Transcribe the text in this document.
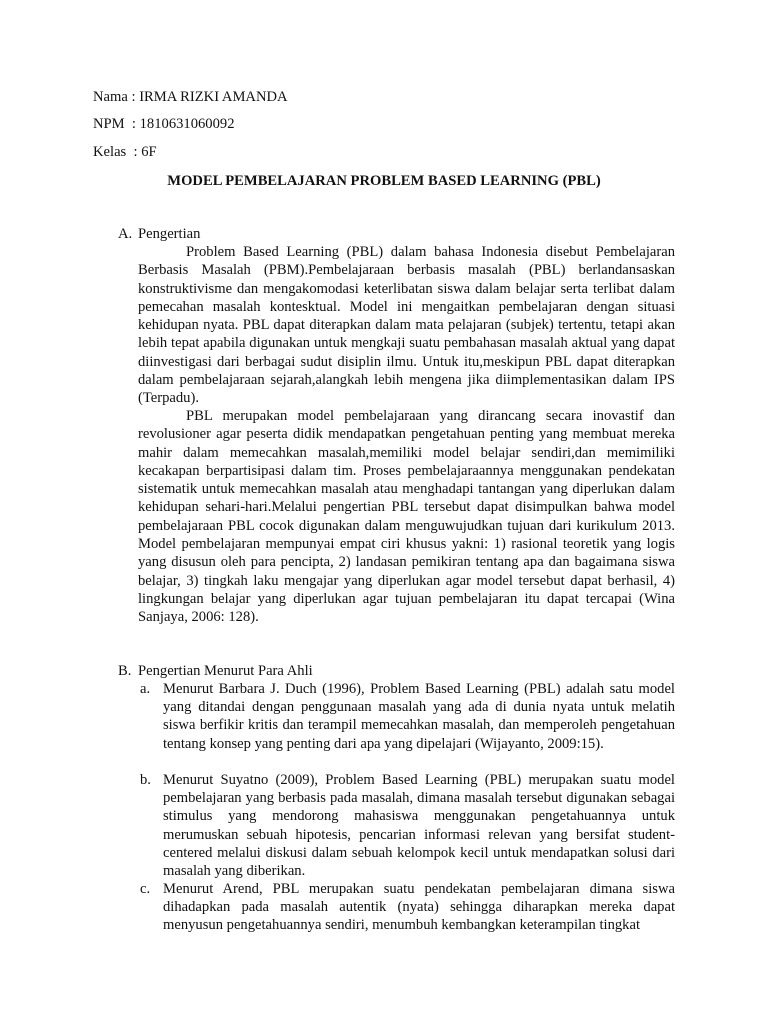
Nama : IRMA RIZKI AMANDA
NPM  : 1810631060092
Kelas  : 6F
MODEL PEMBELAJARAN PROBLEM BASED LEARNING (PBL)
A. Pengertian

Problem Based Learning (PBL) dalam bahasa Indonesia disebut Pembelajaran Berbasis Masalah (PBM).Pembelajaraan berbasis masalah (PBL) berlandansaskan konstruktivisme dan mengakomodasi keterlibatan siswa dalam belajar serta terlibat dalam pemecahan masalah kontesktual. Model ini mengaitkan pembelajaran dengan situasi kehidupan nyata. PBL dapat diterapkan dalam mata pelajaran (subjek) tertentu, tetapi akan lebih tepat apabila digunakan untuk mengkaji suatu pembahasan masalah aktual yang dapat diinvestigasi dari berbagai sudut disiplin ilmu. Untuk itu,meskipun PBL dapat diterapkan dalam pembelajaraan sejarah,alangkah lebih mengena jika diimplementasikan dalam IPS (Terpadu).

PBL merupakan model pembelajaraan yang dirancang secara inovastif dan revolusioner agar peserta didik mendapatkan pengetahuan penting yang membuat mereka mahir dalam memecahkan masalah,memiliki model belajar sendiri,dan memimiliki kecakapan berpartisipasi dalam tim. Proses pembelajaraannya menggunakan pendekatan sistematik untuk memecahkan masalah atau menghadapi tantangan yang diperlukan dalam kehidupan sehari-hari.Melalui pengertian PBL tersebut dapat disimpulkan bahwa model pembelajaraan PBL cocok digunakan dalam menguwujudkan tujuan dari kurikulum 2013. Model pembelajaran mempunyai empat ciri khusus yakni: 1) rasional teoretik yang logis yang disusun oleh para pencipta, 2) landasan pemikiran tentang apa dan bagaimana siswa belajar, 3) tingkah laku mengajar yang diperlukan agar model tersebut dapat berhasil, 4) lingkungan belajar yang diperlukan agar tujuan pembelajaran itu dapat tercapai (Wina Sanjaya, 2006: 128).

B. Pengertian Menurut Para Ahli
a. Menurut Barbara J. Duch (1996), Problem Based Learning (PBL) adalah satu model yang ditandai dengan penggunaan masalah yang ada di dunia nyata untuk melatih siswa berfikir kritis dan terampil memecahkan masalah, dan memperoleh pengetahuan tentang konsep yang penting dari apa yang dipelajari (Wijayanto, 2009:15).

b. Menurut Suyatno (2009), Problem Based Learning (PBL) merupakan suatu model pembelajaran yang berbasis pada masalah, dimana masalah tersebut digunakan sebagai stimulus yang mendorong mahasiswa menggunakan pengetahuannya untuk merumuskan sebuah hipotesis, pencarian informasi relevan yang bersifat student-centered melalui diskusi dalam sebuah kelompok kecil untuk mendapatkan solusi dari masalah yang diberikan.

c. Menurut Arend, PBL merupakan suatu pendekatan pembelajaran dimana siswa dihadapkan pada masalah autentik (nyata) sehingga diharapkan mereka dapat menyusun pengetahuannya sendiri, menumbuh kembangkan keterampilan tingkat
